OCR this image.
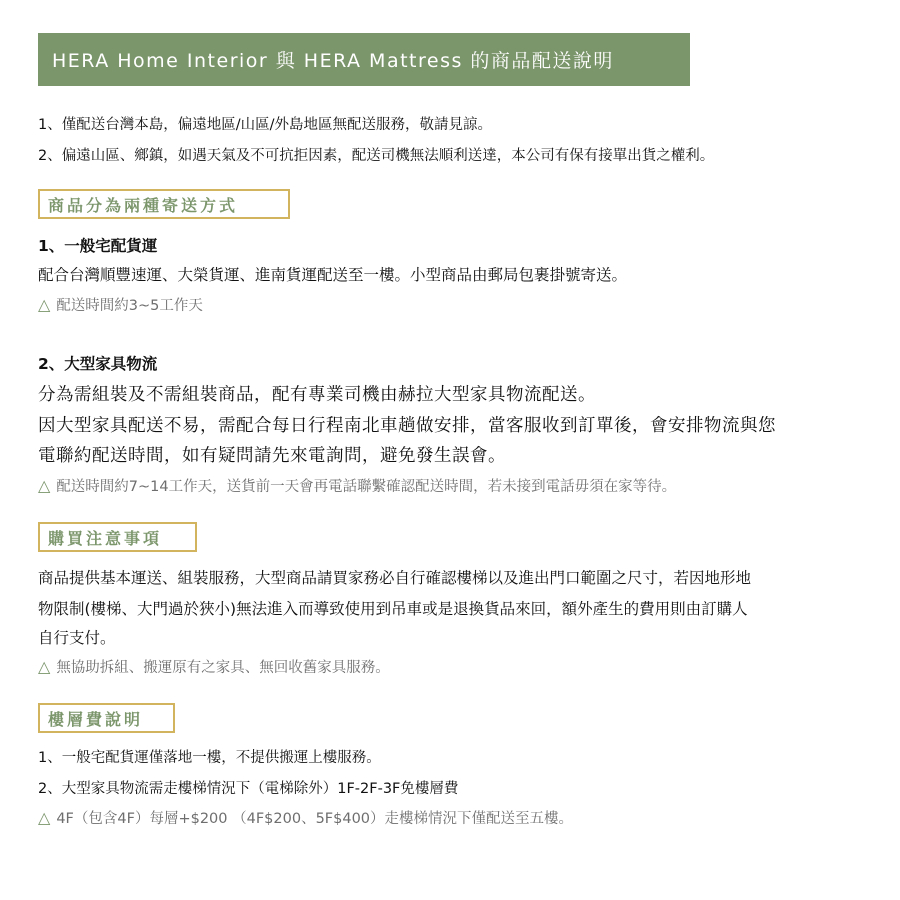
HERA Home Interior 與 HERA Mattress 的商品配送說明
1、僅配送台灣本島，偏遠地區/山區/外島地區無配送服務，敬請見諒。
2、偏遠山區、鄉鎮，如遇天氣及不可抗拒因素，配送司機無法順利送達，本公司有保有接單出貨之權利。
商品分為兩種寄送方式
1、一般宅配貨運
配合台灣順豐速運、大榮貨運、進南貨運配送至一樓。小型商品由郵局包裹掛號寄送。
△ 配送時間約3~5工作天
2、大型家具物流
分為需組裝及不需組裝商品，配有專業司機由赫拉大型家具物流配送。
因大型家具配送不易，需配合每日行程南北車趟做安排，當客服收到訂單後，會安排物流與您
電聯約配送時間，如有疑問請先來電詢問，避免發生誤會。
△ 配送時間約7~14工作天，送貨前一天會再電話聯繫確認配送時間，若未接到電話毋須在家等待。
購買注意事項
商品提供基本運送、組裝服務，大型商品請買家務必自行確認樓梯以及進出門口範圍之尺寸，若因地形地
物限制(樓梯、大門過於狹小)無法進入而導致使用到吊車或是退換貨品來回，額外產生的費用則由訂購人
自行支付。
△ 無協助拆組、搬運原有之家具、無回收舊家具服務。
樓層費說明
1、一般宅配貨運僅落地一樓，不提供搬運上樓服務。
2、大型家具物流需走樓梯情況下（電梯除外）1F-2F-3F免樓層費
△ 4F（包含4F）每層+$200 （4F$200、5F$400）走樓梯情況下僅配送至五樓。
